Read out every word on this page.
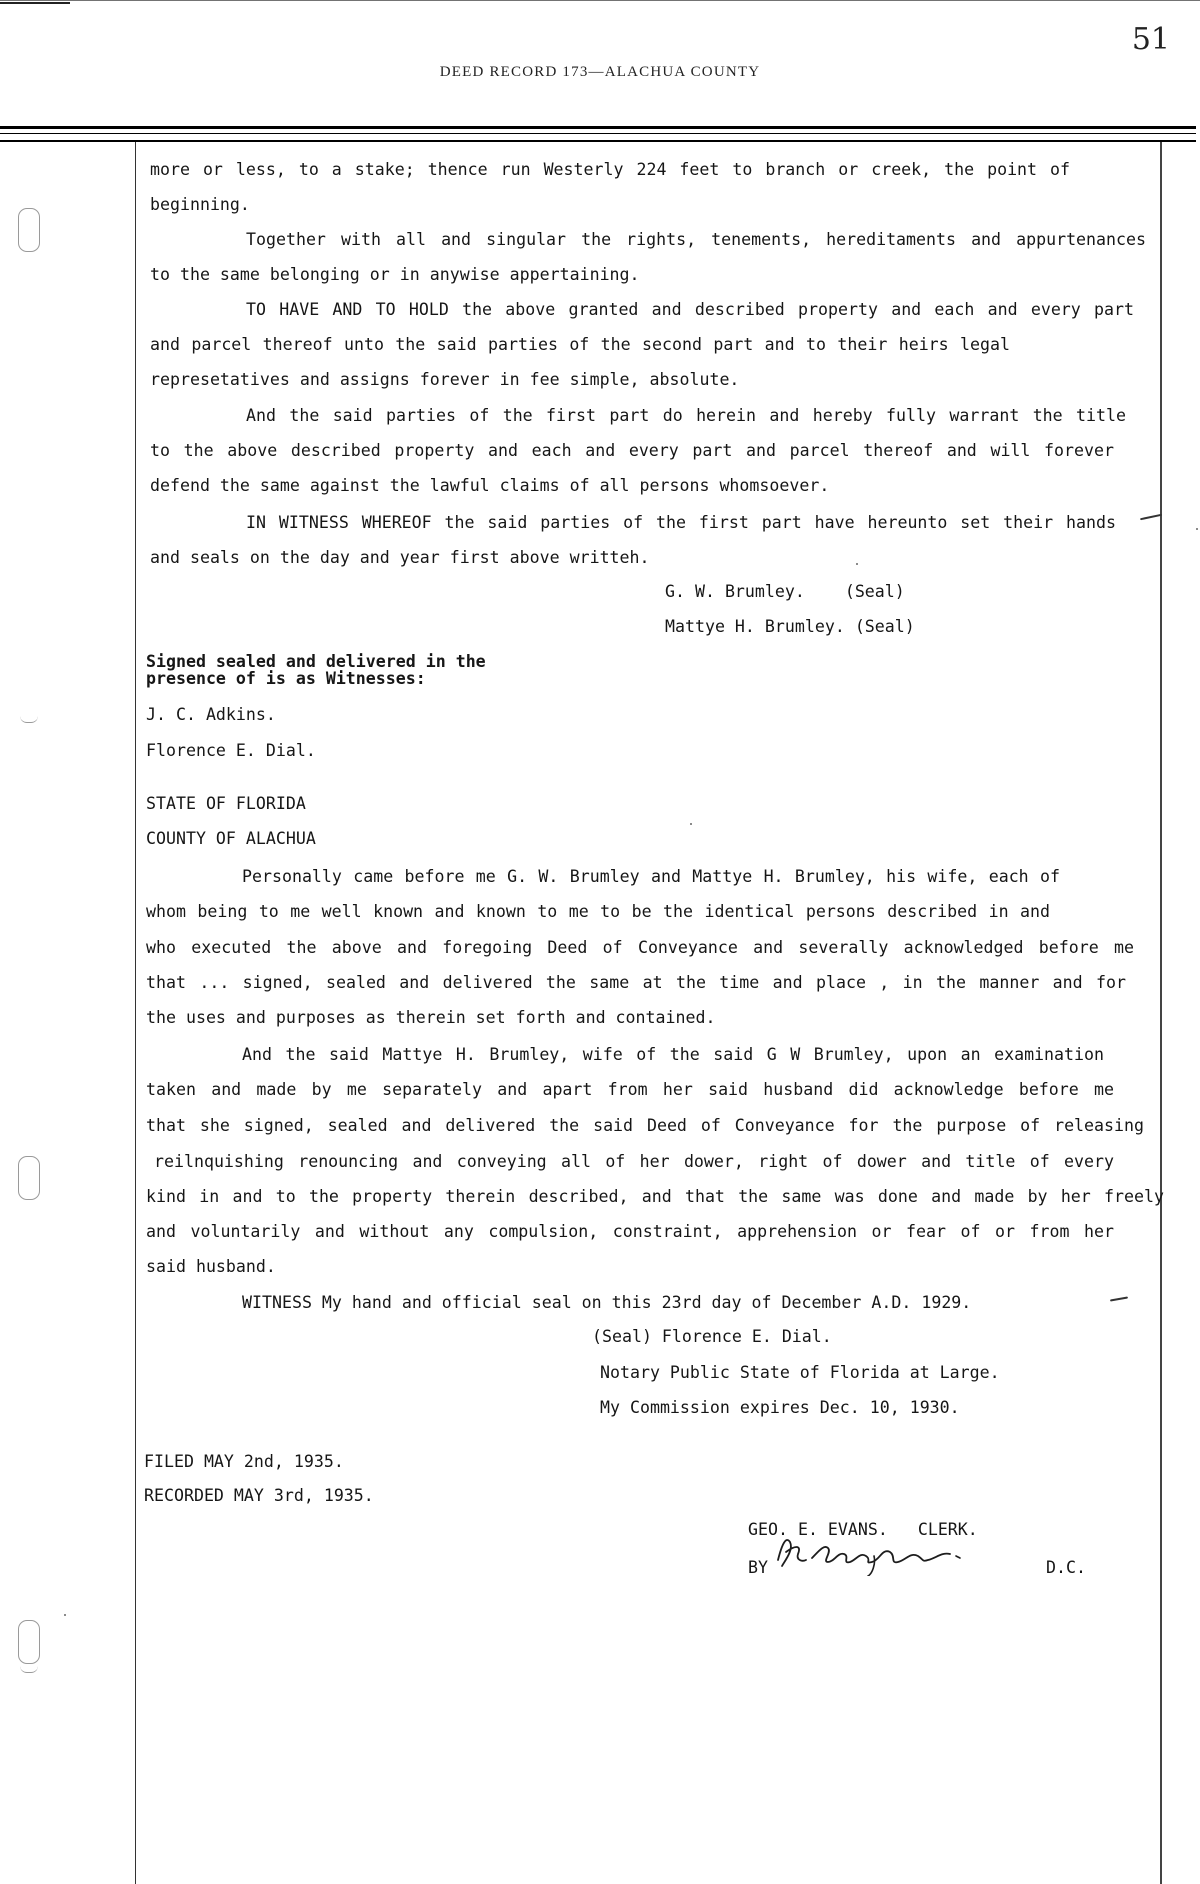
51
DEED RECORD 173—ALACHUA COUNTY
more or less, to a stake; thence run Westerly 224 feet to branch or creek, the point of
beginning.
Together with all and singular the rights, tenements, hereditaments and appurtenances
to the same belonging or in anywise appertaining.
TO HAVE AND TO HOLD the above granted and described property and each and every part
and parcel thereof unto the said parties of the second part and to their heirs legal
represetatives and assigns forever in fee simple, absolute.
And the said parties of the first part do herein and hereby fully warrant the title
to the above described property and each and every part and parcel thereof and will forever
defend the same against the lawful claims of all persons whomsoever.
IN WITNESS WHEREOF the said parties of the first part have hereunto set their hands
and seals on the day and year first above writteh.
G. W. Brumley.    (Seal)
Mattye H. Brumley. (Seal)
Signed sealed and delivered in the
presence of is as Witnesses:
J. C. Adkins.
Florence E. Dial.
STATE OF FLORIDA
COUNTY OF ALACHUA
Personally came before me G. W. Brumley and Mattye H. Brumley, his wife, each of
whom being to me well known and known to me to be the identical persons described in and
who executed the above and foregoing Deed of Conveyance and severally acknowledged before me
that ... signed, sealed and delivered the same at the time and place , in the manner and for
the uses and purposes as therein set forth and contained.
And the said Mattye H. Brumley, wife of the said G W Brumley, upon an examination
taken and made by me separately and apart from her said husband did acknowledge before me
that she signed, sealed and delivered the said Deed of Conveyance for the purpose of releasing
reilnquishing renouncing and conveying all of her dower, right of dower and title of every
kind in and to the property therein described, and that the same was done and made by her freely
and voluntarily and without any compulsion, constraint, apprehension or fear of or from her
said husband.
WITNESS My hand and official seal on this 23rd day of December A.D. 1929.
(Seal) Florence E. Dial.
Notary Public State of Florida at Large.
My Commission expires Dec. 10, 1930.
FILED MAY 2nd, 1935.
RECORDED MAY 3rd, 1935.
GEO. E. EVANS.   CLERK.
BY	D.C.
